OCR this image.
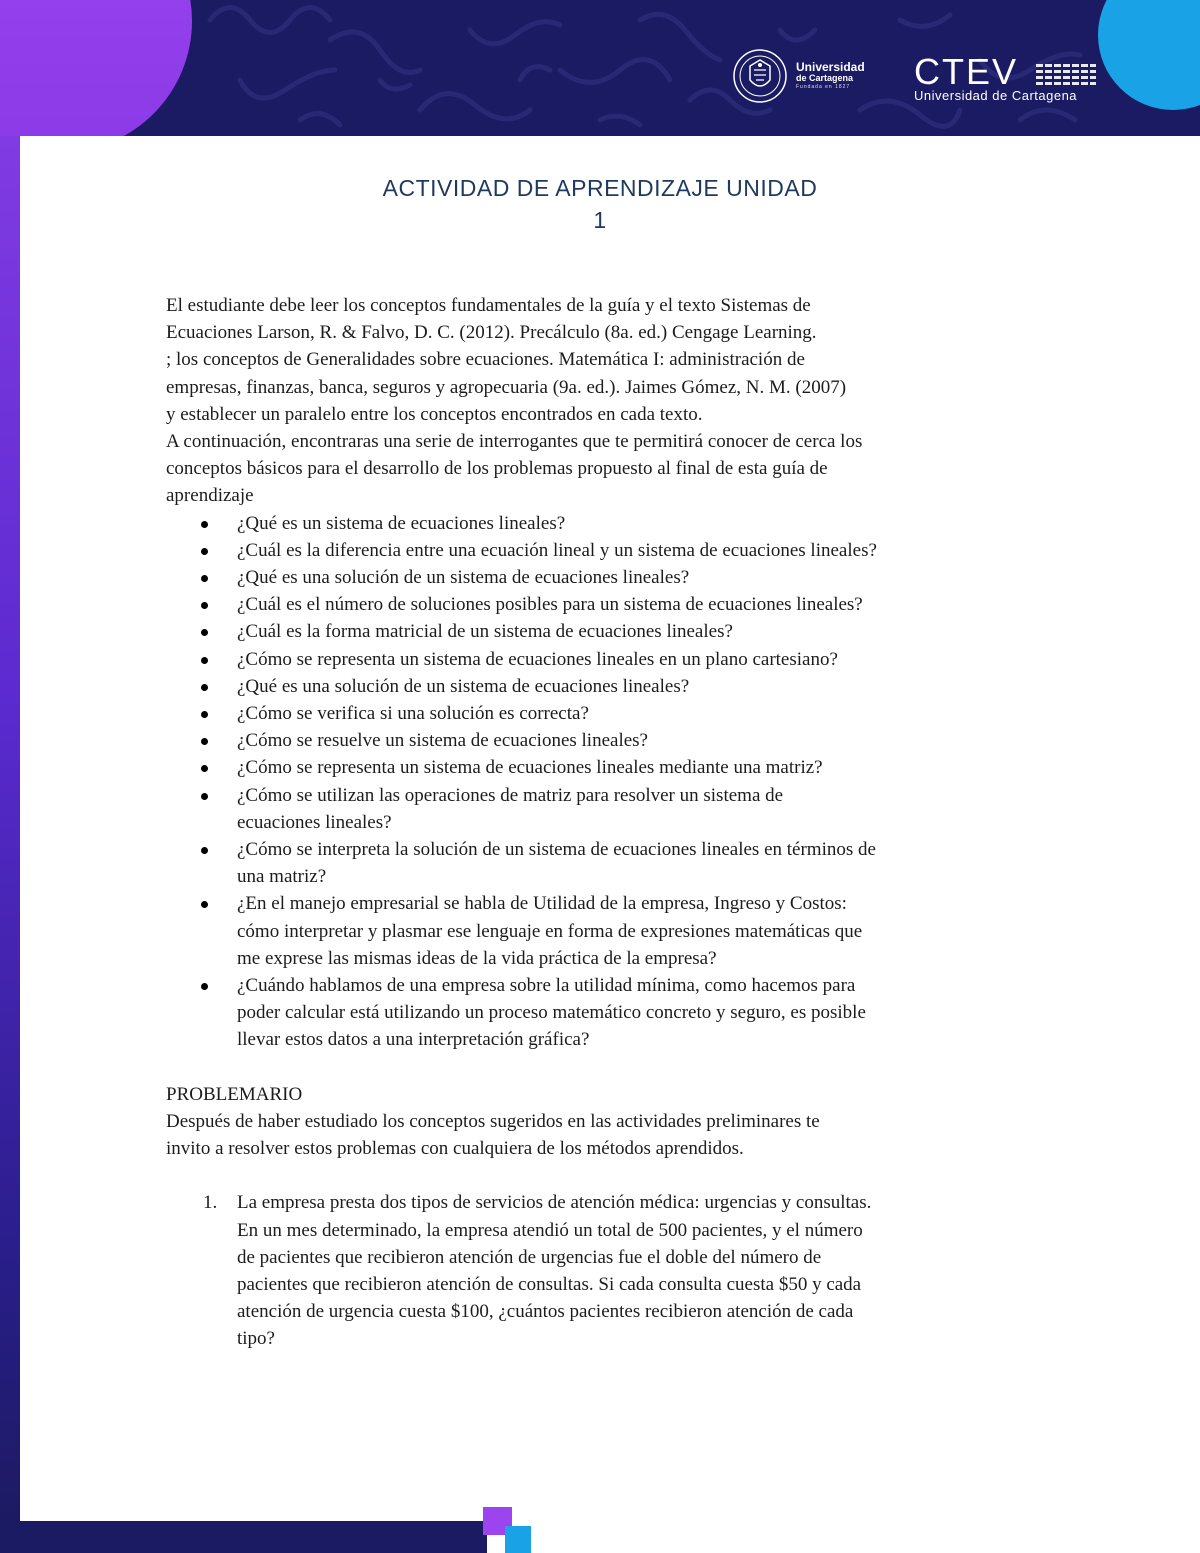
Universidad
de Cartagena
Fundada en 1827	CTEV
Universidad de Cartagena
ACTIVIDAD DE APRENDIZAJE UNIDAD
1
El estudiante debe leer los conceptos fundamentales de la guía y el texto Sistemas de
Ecuaciones Larson, R. & Falvo, D. C. (2012). Precálculo (8a. ed.) Cengage Learning.
; los conceptos de Generalidades sobre ecuaciones. Matemática I: administración de
empresas, finanzas, banca, seguros y agropecuaria (9a. ed.). Jaimes Gómez, N. M. (2007)
y establecer un paralelo entre los conceptos encontrados en cada texto.
A continuación, encontraras una serie de interrogantes que te permitirá conocer de cerca los
conceptos básicos para el desarrollo de los problemas propuesto al final de esta guía de
aprendizaje
¿Qué es un sistema de ecuaciones lineales?
¿Cuál es la diferencia entre una ecuación lineal y un sistema de ecuaciones lineales?
¿Qué es una solución de un sistema de ecuaciones lineales?
¿Cuál es el número de soluciones posibles para un sistema de ecuaciones lineales?
¿Cuál es la forma matricial de un sistema de ecuaciones lineales?
¿Cómo se representa un sistema de ecuaciones lineales en un plano cartesiano?
¿Qué es una solución de un sistema de ecuaciones lineales?
¿Cómo se verifica si una solución es correcta?
¿Cómo se resuelve un sistema de ecuaciones lineales?
¿Cómo se representa un sistema de ecuaciones lineales mediante una matriz?
¿Cómo se utilizan las operaciones de matriz para resolver un sistema de
ecuaciones lineales?
¿Cómo se interpreta la solución de un sistema de ecuaciones lineales en términos de
una matriz?
¿En el manejo empresarial se habla de Utilidad de la empresa, Ingreso y Costos:
cómo interpretar y plasmar ese lenguaje en forma de expresiones matemáticas que
me exprese las mismas ideas de la vida práctica de la empresa?
¿Cuándo hablamos de una empresa sobre la utilidad mínima, como hacemos para
poder calcular está utilizando un proceso matemático concreto y seguro, es posible
llevar estos datos a una interpretación gráfica?

PROBLEMARIO

Después de haber estudiado los conceptos sugeridos en las actividades preliminares te
invito a resolver estos problemas con cualquiera de los métodos aprendidos.
1. La empresa presta dos tipos de servicios de atención médica: urgencias y consultas.
En un mes determinado, la empresa atendió un total de 500 pacientes, y el número
de pacientes que recibieron atención de urgencias fue el doble del número de
pacientes que recibieron atención de consultas. Si cada consulta cuesta $50 y cada
atención de urgencia cuesta $100, ¿cuántos pacientes recibieron atención de cada
tipo?
